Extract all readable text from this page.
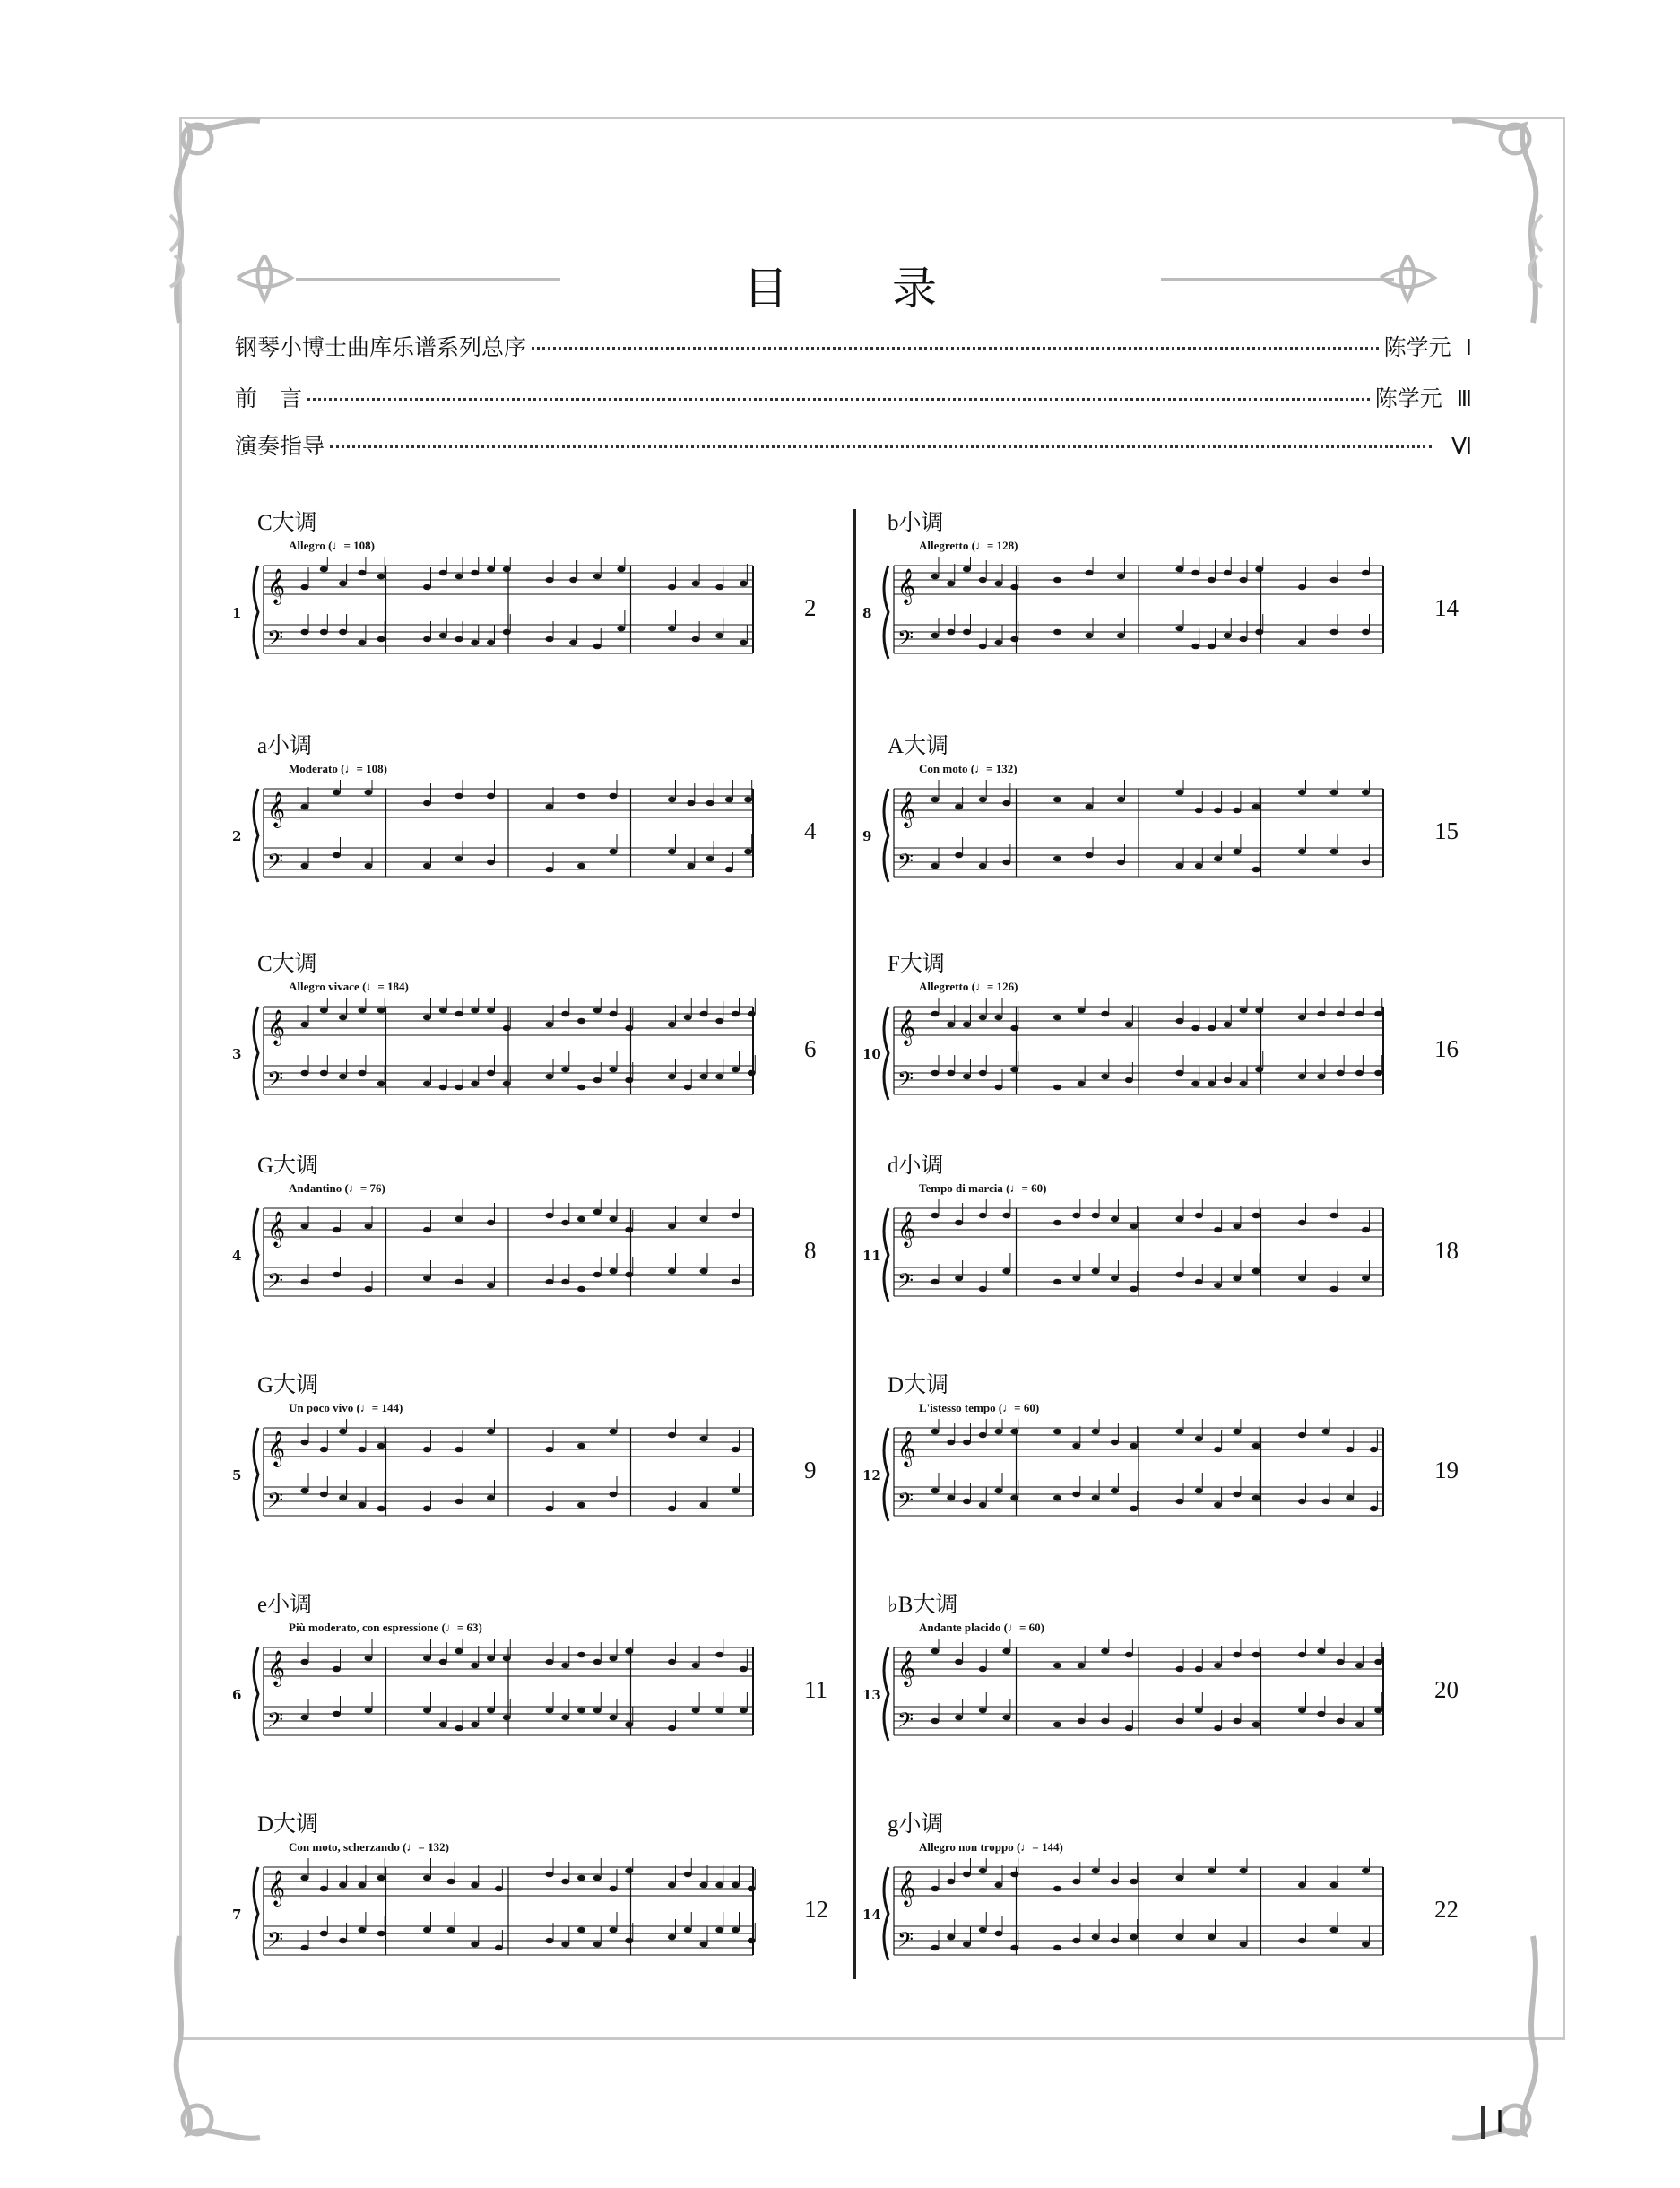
目 录
钢琴小博士曲库乐谱系列总序	陈学元 Ⅰ
前　言	陈学元 Ⅲ
演奏指导	Ⅵ
C大调
Allegro (♩= 108)
1	2
𝄞
𝄢
a小调
Moderato (♩= 108)
2	4
𝄞
𝄢
C大调
Allegro vivace (♩= 184)
3	6
𝄞
𝄢
G大调
Andantino (♩= 76)
4	8
𝄞
𝄢
G大调
Un poco vivo (♩= 144)
5	9
𝄞
𝄢
e小调
Più moderato, con espressione (♩= 63)
6	11
𝄞
𝄢
D大调
Con moto, scherzando (♩= 132)
7	12
𝄞
𝄢
b小调
Allegretto (♩= 128)
8	14
𝄞
𝄢
A大调
Con moto (♩= 132)
9	15
𝄞
𝄢
F大调
Allegretto (♩= 126)
10	16
𝄞
𝄢
d小调
Tempo di marcia (♩= 60)
11	18
𝄞
𝄢
D大调
L'istesso tempo (♩= 60)
12	19
𝄞
𝄢
♭B大调
Andante placido (♩= 60)
13	20
𝄞
𝄢
g小调
Allegro non troppo (♩= 144)
14	22
𝄞
𝄢
Ⅰ
